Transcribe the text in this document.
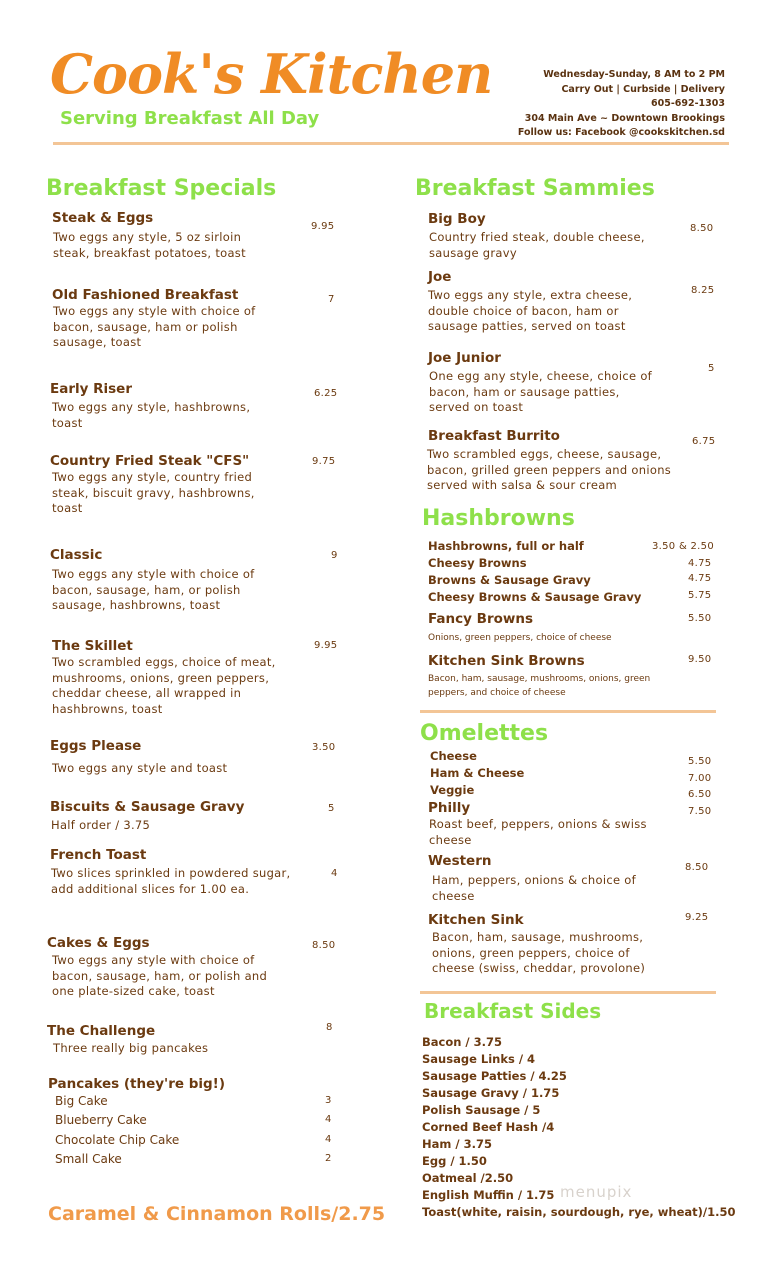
Cook's Kitchen
Serving Breakfast All Day
Wednesday-Sunday, 8 AM to 2 PM
Carry Out | Curbside | Delivery
605-692-1303
304 Main Ave ~ Downtown Brookings
Follow us: Facebook @cookskitchen.sd
Breakfast Specials
Steak & Eggs
Two eggs any style, 5 oz sirloin steak, breakfast potatoes, toast
9.95
Old Fashioned Breakfast
Two eggs any style with choice of bacon, sausage, ham or polish sausage, toast
7
Early Riser
Two eggs any style, hashbrowns, toast
6.25
Country Fried Steak "CFS"
Two eggs any style, country fried steak, biscuit gravy, hashbrowns, toast
9.75
Classic
Two eggs any style with choice of bacon, sausage, ham, or polish sausage, hashbrowns, toast
9
The Skillet
Two scrambled eggs, choice of meat, mushrooms, onions, green peppers, cheddar cheese, all wrapped in hashbrowns, toast
9.95
Eggs Please
Two eggs any style and toast
3.50
Biscuits & Sausage Gravy
Half order / 3.75
5
French Toast
Two slices sprinkled in powdered sugar, add additional slices for 1.00 ea.
4
Cakes & Eggs
Two eggs any style with choice of bacon, sausage, ham, or polish and one plate-sized cake, toast
8.50
The Challenge
Three really big pancakes
8
Pancakes (they're big!)
Big Cake	3
Blueberry Cake	4
Chocolate Chip Cake	4
Small Cake	2
Caramel & Cinnamon Rolls/2.75
Breakfast Sammies
Big Boy
Country fried steak, double cheese, sausage gravy
8.50
Joe
Two eggs any style, extra cheese, double choice of bacon, ham or sausage patties, served on toast
8.25
Joe Junior
One egg any style, cheese, choice of bacon, ham or sausage patties, served on toast
5
Breakfast Burrito
Two scrambled eggs, cheese, sausage, bacon, grilled green peppers and onions served with salsa & sour cream
6.75
Hashbrowns
Hashbrowns, full or half	3.50 & 2.50
Cheesy Browns	4.75
Browns & Sausage Gravy	4.75
Cheesy Browns & Sausage Gravy	5.75
Fancy Browns
Onions, green peppers, choice of cheese
5.50
Kitchen Sink Browns
Bacon, ham, sausage, mushrooms, onions, green peppers, and choice of cheese
9.50
Omelettes
Cheese	5.50
Ham & Cheese	7.00
Veggie	6.50
Philly
Roast beef, peppers, onions & swiss cheese
7.50
Western
Ham, peppers, onions & choice of cheese
8.50
Kitchen Sink
Bacon, ham, sausage, mushrooms, onions, green peppers, choice of cheese (swiss, cheddar, provolone)
9.25
Breakfast Sides
Bacon / 3.75
Sausage Links / 4
Sausage Patties / 4.25
Sausage Gravy / 1.75
Polish Sausage / 5
Corned Beef Hash /4
Ham / 3.75
Egg / 1.50
Oatmeal /2.50
English Muffin / 1.75
Toast(white, raisin, sourdough, rye, wheat)/1.50
menupix
